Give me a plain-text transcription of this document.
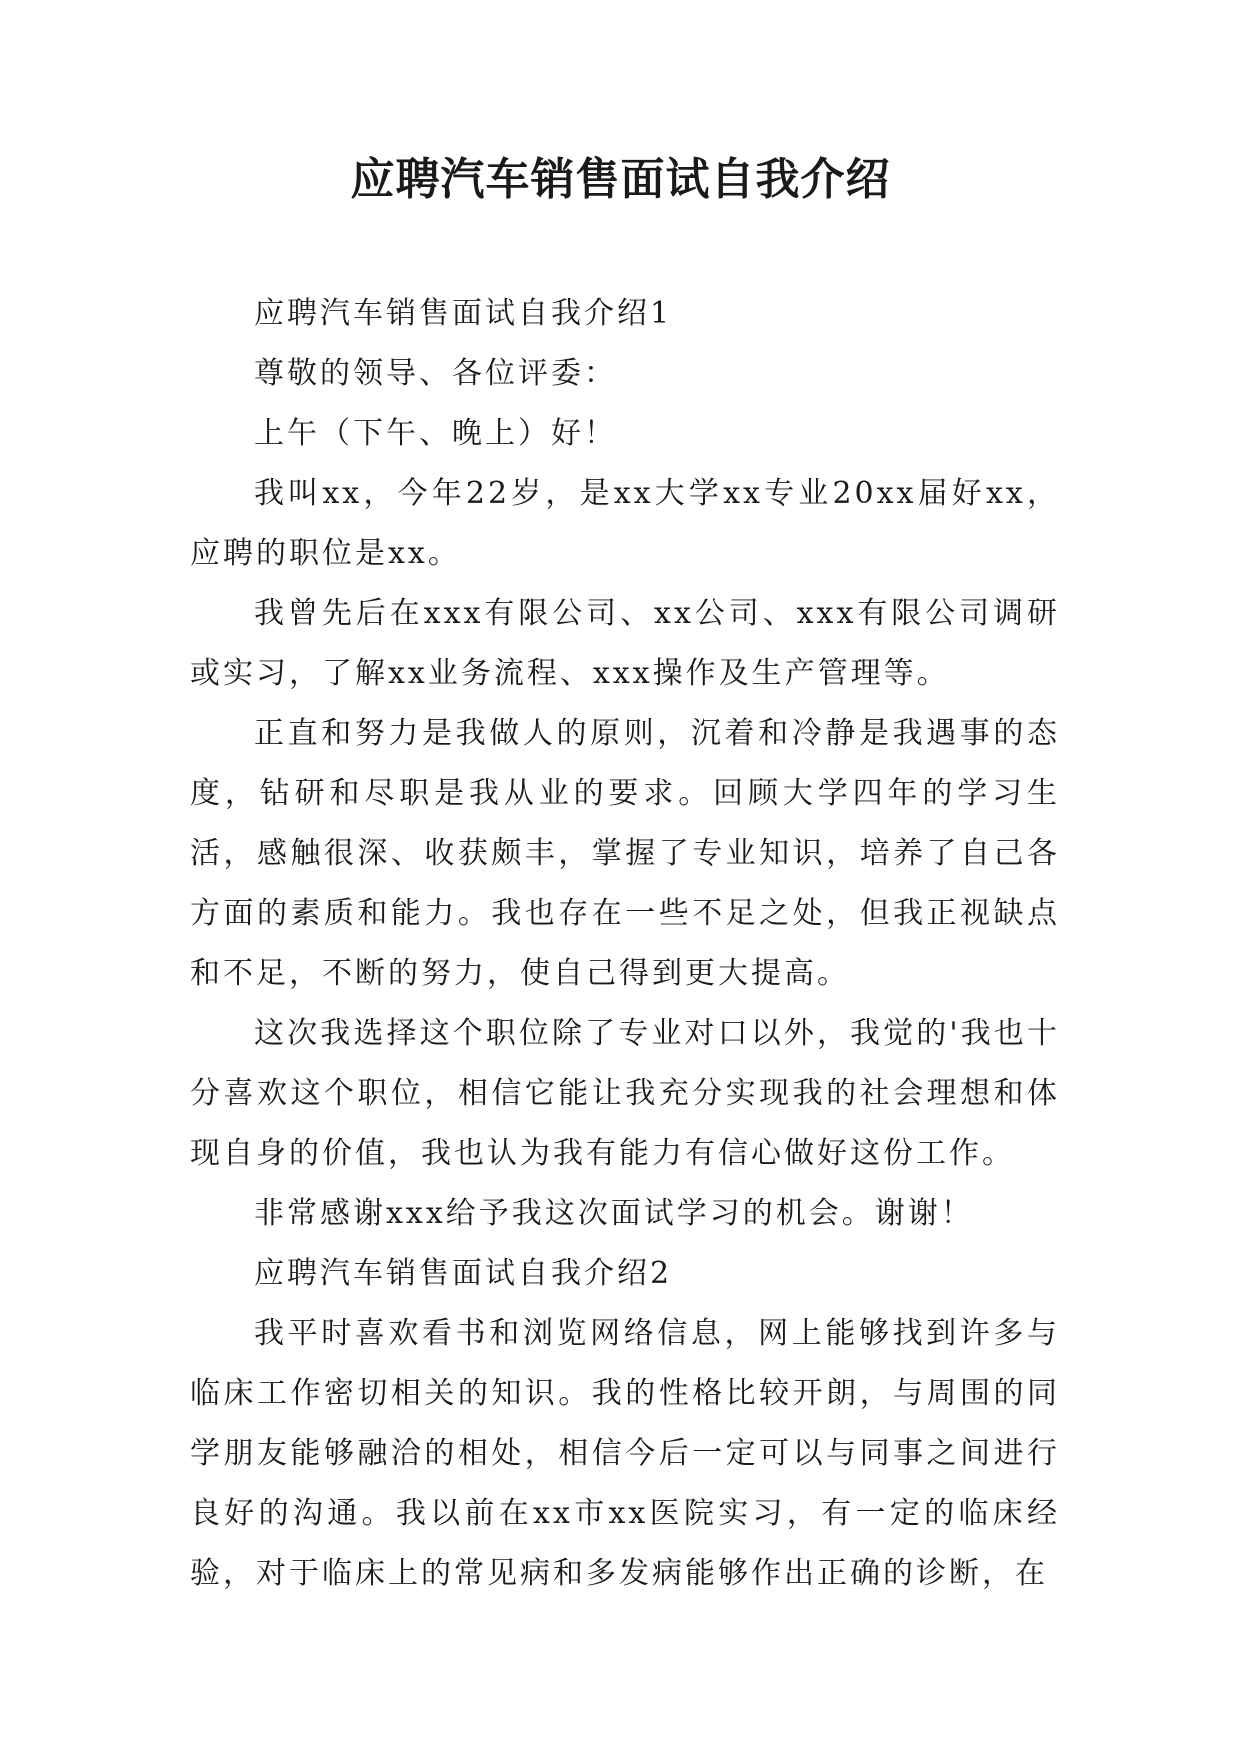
应聘汽车销售面试自我介绍

应聘汽车销售面试自我介绍1

尊敬的领导、各位评委：

上午（下午、晚上）好！

我叫xx，今年22岁，是xx大学xx专业20xx届好xx，应聘的职位是xx。

我曾先后在xxx有限公司、xx公司、xxx有限公司调研或实习，了解xx业务流程、xxx操作及生产管理等。

正直和努力是我做人的原则，沉着和冷静是我遇事的态度，钻研和尽职是我从业的要求。回顾大学四年的学习生活，感触很深、收获颇丰，掌握了专业知识，培养了自己各方面的素质和能力。我也存在一些不足之处，但我正视缺点和不足，不断的努力，使自己得到更大提高。

这次我选择这个职位除了专业对口以外，我觉的'我也十分喜欢这个职位，相信它能让我充分实现我的社会理想和体现自身的价值，我也认为我有能力有信心做好这份工作。

非常感谢xxx给予我这次面试学习的机会。谢谢！

应聘汽车销售面试自我介绍2

我平时喜欢看书和浏览网络信息，网上能够找到许多与临床工作密切相关的知识。我的性格比较开朗，与周围的同学朋友能够融洽的相处，相信今后一定可以与同事之间进行良好的沟通。我以前在xx市xx医院实习，有一定的临床经验，对于临床上的常见病和多发病能够作出正确的诊断，在
